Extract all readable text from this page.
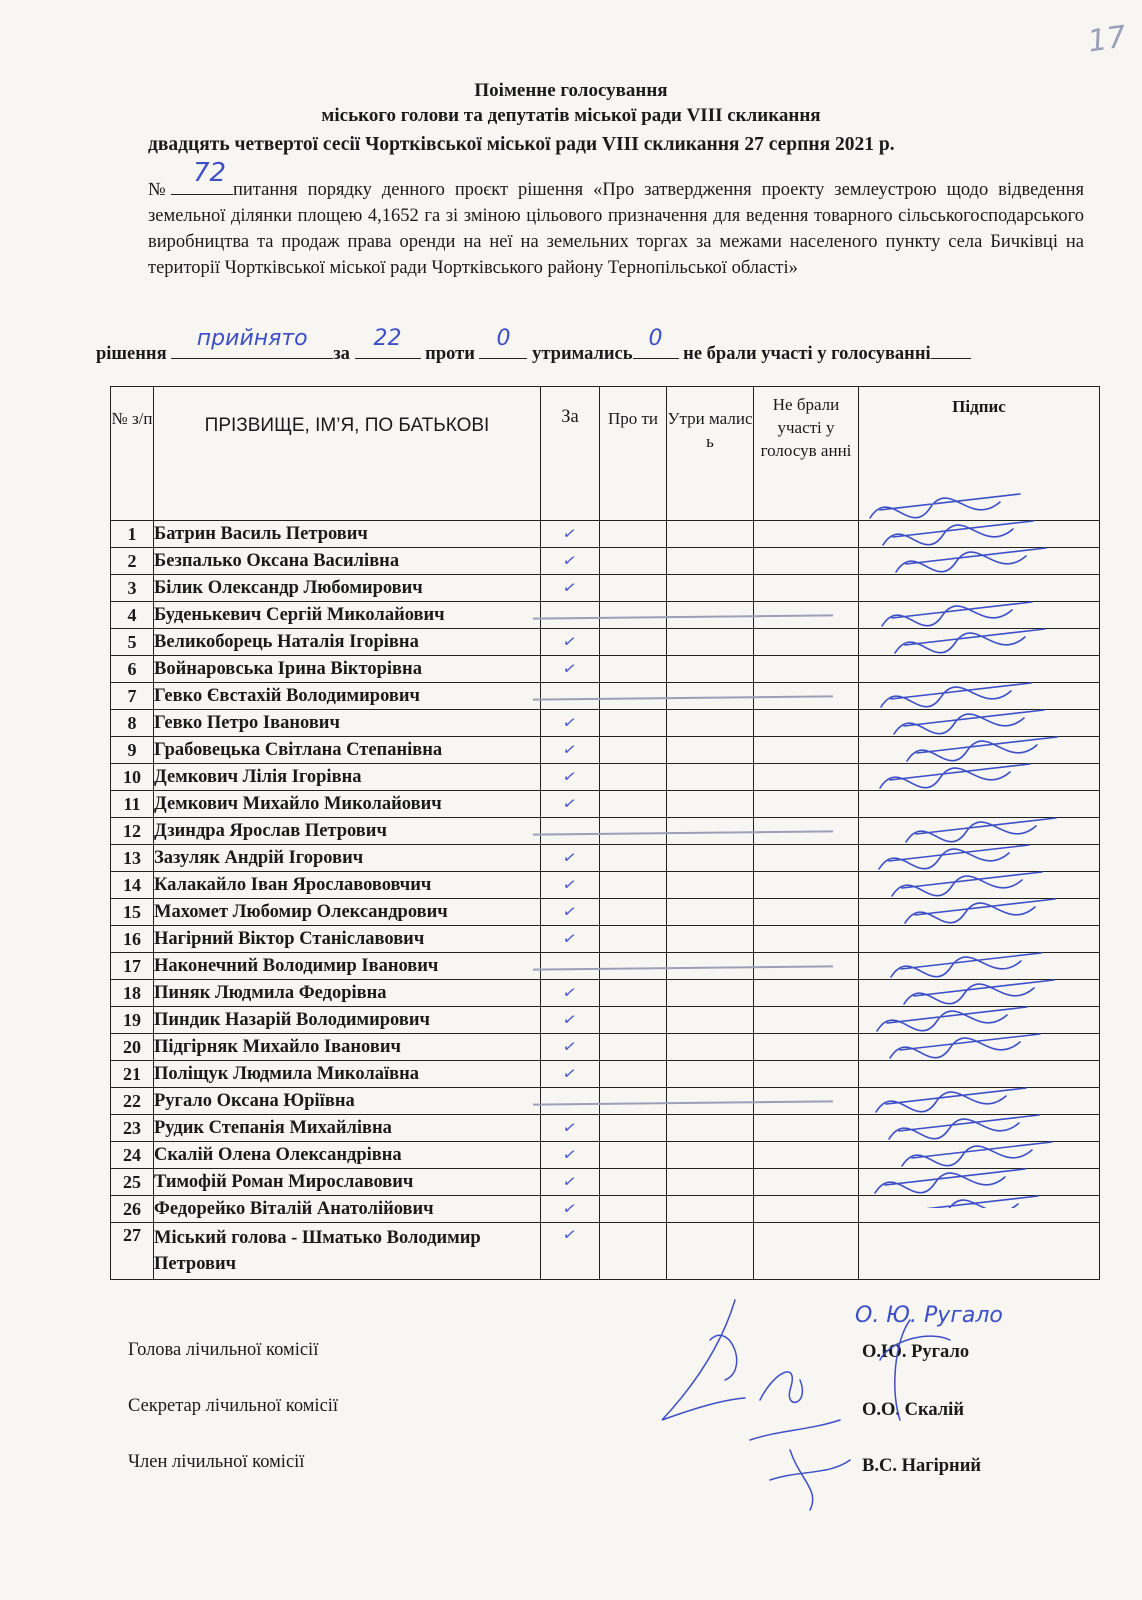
17
Поіменне голосування
міського голови та депутатів міської ради VIII скликання
двадцять четвертої сесії Чортківської міської ради VIII скликання 27 серпня 2021 р.
№
72
питання порядку денного проєкт рішення «Про затвердження проекту землеустрою щодо відведення земельної ділянки площею 4,1652 га зі зміною цільового призначення для ведення товарного сільськогосподарського виробництва та продаж права оренди на неї на земельних торгах за межами населеного пункту села Бичківці на території Чортківської міської ради Чортківського району Тернопільської області»
рішення
прийнято
за
22
проти
0
утримались
0
не брали участі у голосуванні
№ з/п	ПРІЗВИЩЕ, ІМ’Я, ПО БАТЬКОВІ	За	Про ти	Утри малис ь	Не брали участі у голосув анні	Підпис
1	Батрин Василь Петрович	✓				
2	Безпалько Оксана Василівна	✓				
3	Білик Олександр Любомирович	✓				
4	Буденькевич Сергій Миколайович	

5	Великоборець Наталія Ігорівна	✓				
6	Войнаровська Ірина Вікторівна	✓				
7	Гевко Євстахій Володимирович	

8	Гевко Петро Іванович	✓				
9	Грабовецька Світлана Степанівна	✓				
10	Демкович Лілія Ігорівна	✓				
11	Демкович Михайло Миколайович	✓				
12	Дзиндра Ярослав Петрович	

13	Зазуляк Андрій Ігорович	✓				
14	Калакайло Іван Ярославововчич	✓				
15	Махомет Любомир Олександрович	✓				
16	Нагірний Віктор Станіславович	✓				
17	Наконечний Володимир Іванович	

18	Пиняк Людмила Федорівна	✓				
19	Пиндик Назарій Володимирович	✓				
20	Підгірняк Михайло Іванович	✓				
21	Поліщук Людмила Миколаївна	✓				
22	Ругало Оксана Юріївна	

23	Рудик Степанія Михайлівна	✓				
24	Скалій Олена Олександрівна	✓				
25	Тимофій Роман Мирославович	✓				
26	Федорейко Віталій Анатолійович	✓				
27	Міський голова - Шматько Володимир Петрович	✓				
Голова лічильної комісії
Секретар лічильної комісії
Член лічильної комісії
О.Ю. Ругало
О.О. Скалій
В.С. Нагірний
О. Ю. Ругало
